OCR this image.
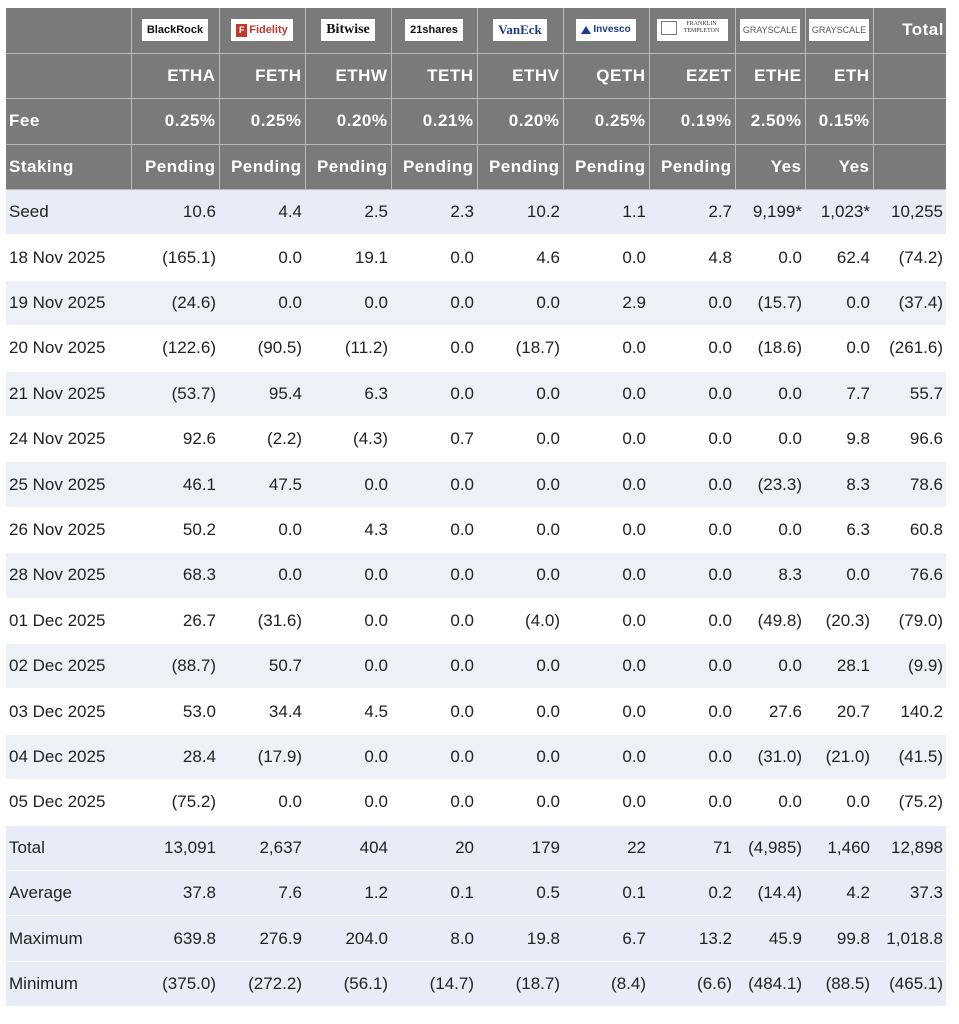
	BlackRock	F Fidelity	Bitwise	21shares	VanEck	Invesco	FRANKLIN TEMPLETON	GRAYSCALE	GRAYSCALE	Total
	ETHA	FETH	ETHW	TETH	ETHV	QETH	EZET	ETHE	ETH	
Fee	0.25%	0.25%	0.20%	0.21%	0.20%	0.25%	0.19%	2.50%	0.15%	
Staking	Pending	Pending	Pending	Pending	Pending	Pending	Pending	Yes	Yes	
Seed	10.6	4.4	2.5	2.3	10.2	1.1	2.7	9,199*	1,023*	10,255
18 Nov 2025	(165.1)	0.0	19.1	0.0	4.6	0.0	4.8	0.0	62.4	(74.2)
19 Nov 2025	(24.6)	0.0	0.0	0.0	0.0	2.9	0.0	(15.7)	0.0	(37.4)
20 Nov 2025	(122.6)	(90.5)	(11.2)	0.0	(18.7)	0.0	0.0	(18.6)	0.0	(261.6)
21 Nov 2025	(53.7)	95.4	6.3	0.0	0.0	0.0	0.0	0.0	7.7	55.7
24 Nov 2025	92.6	(2.2)	(4.3)	0.7	0.0	0.0	0.0	0.0	9.8	96.6
25 Nov 2025	46.1	47.5	0.0	0.0	0.0	0.0	0.0	(23.3)	8.3	78.6
26 Nov 2025	50.2	0.0	4.3	0.0	0.0	0.0	0.0	0.0	6.3	60.8
28 Nov 2025	68.3	0.0	0.0	0.0	0.0	0.0	0.0	8.3	0.0	76.6
01 Dec 2025	26.7	(31.6)	0.0	0.0	(4.0)	0.0	0.0	(49.8)	(20.3)	(79.0)
02 Dec 2025	(88.7)	50.7	0.0	0.0	0.0	0.0	0.0	0.0	28.1	(9.9)
03 Dec 2025	53.0	34.4	4.5	0.0	0.0	0.0	0.0	27.6	20.7	140.2
04 Dec 2025	28.4	(17.9)	0.0	0.0	0.0	0.0	0.0	(31.0)	(21.0)	(41.5)
05 Dec 2025	(75.2)	0.0	0.0	0.0	0.0	0.0	0.0	0.0	0.0	(75.2)
Total	13,091	2,637	404	20	179	22	71	(4,985)	1,460	12,898
Average	37.8	7.6	1.2	0.1	0.5	0.1	0.2	(14.4)	4.2	37.3
Maximum	639.8	276.9	204.0	8.0	19.8	6.7	13.2	45.9	99.8	1,018.8
Minimum	(375.0)	(272.2)	(56.1)	(14.7)	(18.7)	(8.4)	(6.6)	(484.1)	(88.5)	(465.1)
